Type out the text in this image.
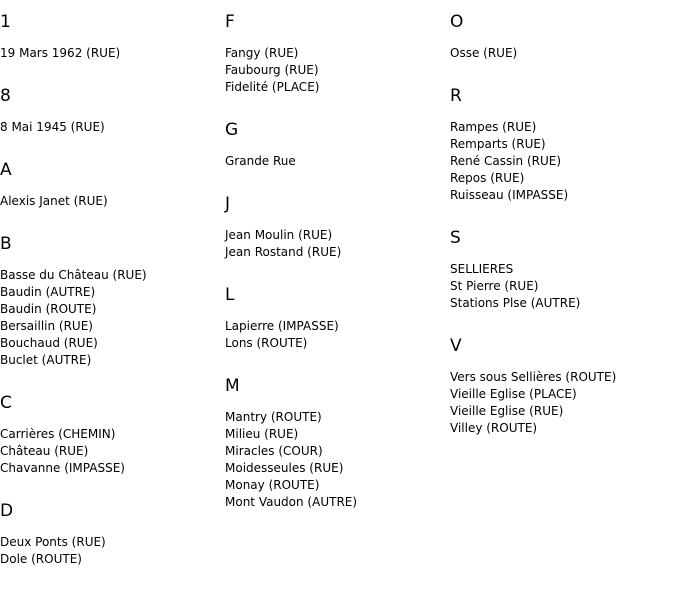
1
19 Mars 1962 (RUE)
8
8 Mai 1945 (RUE)
A
Alexis Janet (RUE)
B
Basse du Château (RUE)
Baudin (AUTRE)
Baudin (ROUTE)
Bersaillin (RUE)
Bouchaud (RUE)
Buclet (AUTRE)
C
Carrières (CHEMIN)
Château (RUE)
Chavanne (IMPASSE)
D
Deux Ponts (RUE)
Dole (ROUTE)
F
Fangy (RUE)
Faubourg (RUE)
Fidelité (PLACE)
G
Grande Rue
J
Jean Moulin (RUE)
Jean Rostand (RUE)
L
Lapierre (IMPASSE)
Lons (ROUTE)
M
Mantry (ROUTE)
Milieu (RUE)
Miracles (COUR)
Moidesseules (RUE)
Monay (ROUTE)
Mont Vaudon (AUTRE)
O
Osse (RUE)
R
Rampes (RUE)
Remparts (RUE)
René Cassin (RUE)
Repos (RUE)
Ruisseau (IMPASSE)
S
SELLIERES
St Pierre (RUE)
Stations Plse (AUTRE)
V
Vers sous Sellières (ROUTE)
Vieille Eglise (PLACE)
Vieille Eglise (RUE)
Villey (ROUTE)
